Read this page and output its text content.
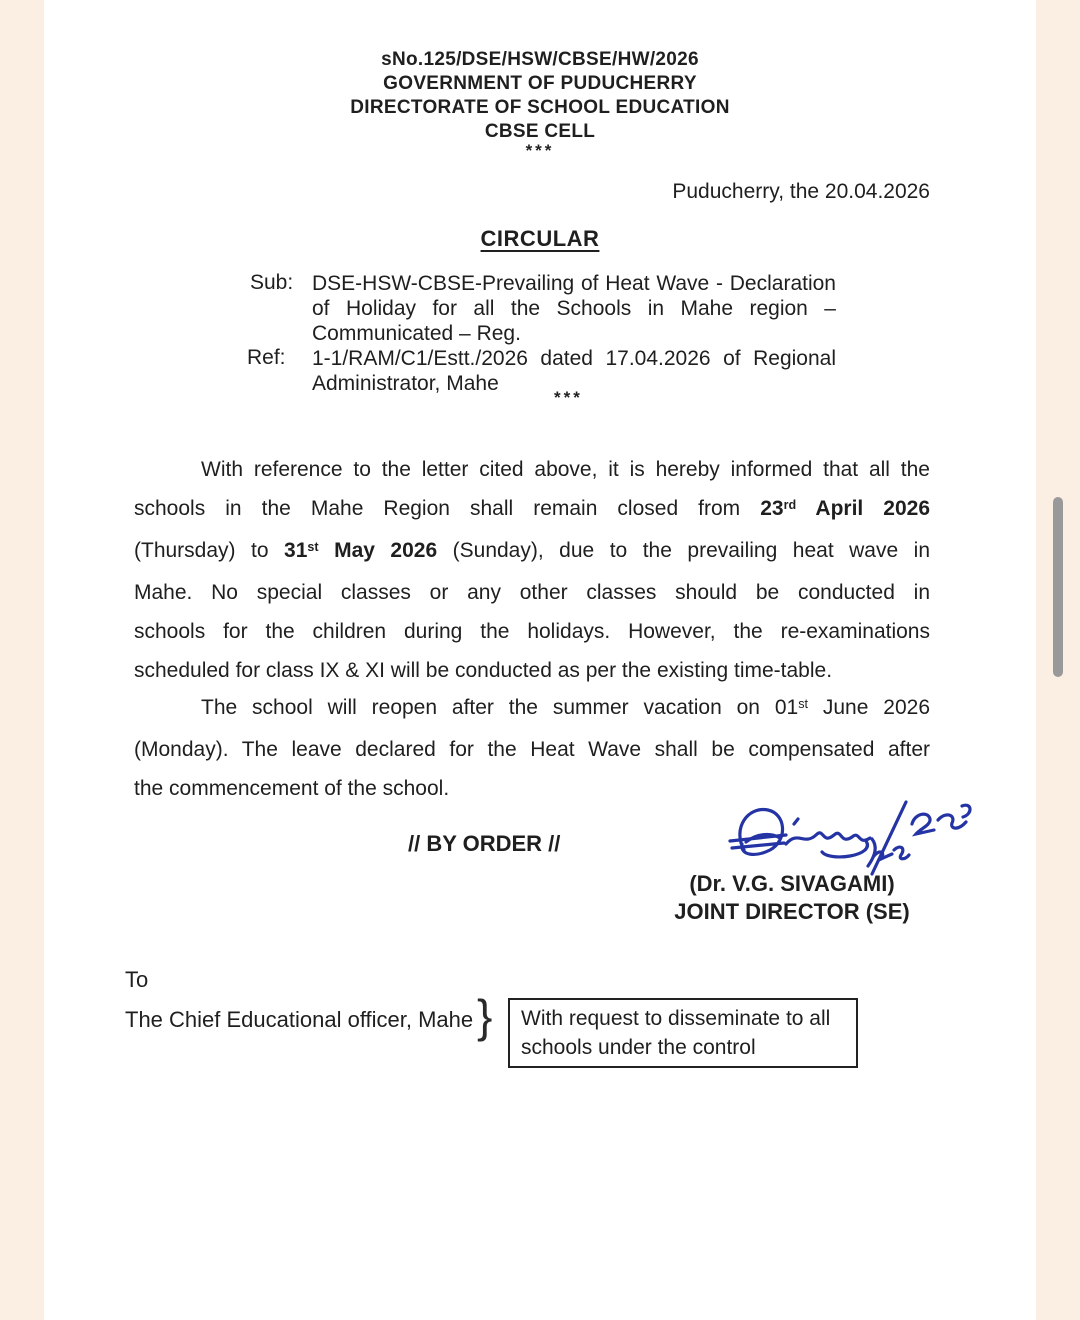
sNo.125/DSE/HSW/CBSE/HW/2026
GOVERNMENT OF PUDUCHERRY
DIRECTORATE OF SCHOOL EDUCATION
CBSE CELL
***
Puducherry, the 20.04.2026
CIRCULAR
Sub: DSE-HSW-CBSE-Prevailing of Heat Wave - Declaration
of Holiday for all the Schools in Mahe region –
Communicated – Reg.
Ref: 1-1/RAM/C1/Estt./2026 dated 17.04.2026 of Regional
Administrator, Mahe
***
With reference to the letter cited above, it is hereby informed that all the
schools in the Mahe Region shall remain closed from 23rd April 2026
(Thursday) to 31st May 2026 (Sunday), due to the prevailing heat wave in
Mahe. No special classes or any other classes should be conducted in
schools for the children during the holidays. However, the re-examinations
scheduled for class IX & XI will be conducted as per the existing time-table.
The school will reopen after the summer vacation on 01st June 2026
(Monday). The leave declared for the Heat Wave shall be compensated after
the commencement of the school.
// BY ORDER //
(Dr. V.G. SIVAGAMI)
JOINT DIRECTOR (SE)
To
The Chief Educational officer, Mahe } With request to disseminate to all
schools under the control
